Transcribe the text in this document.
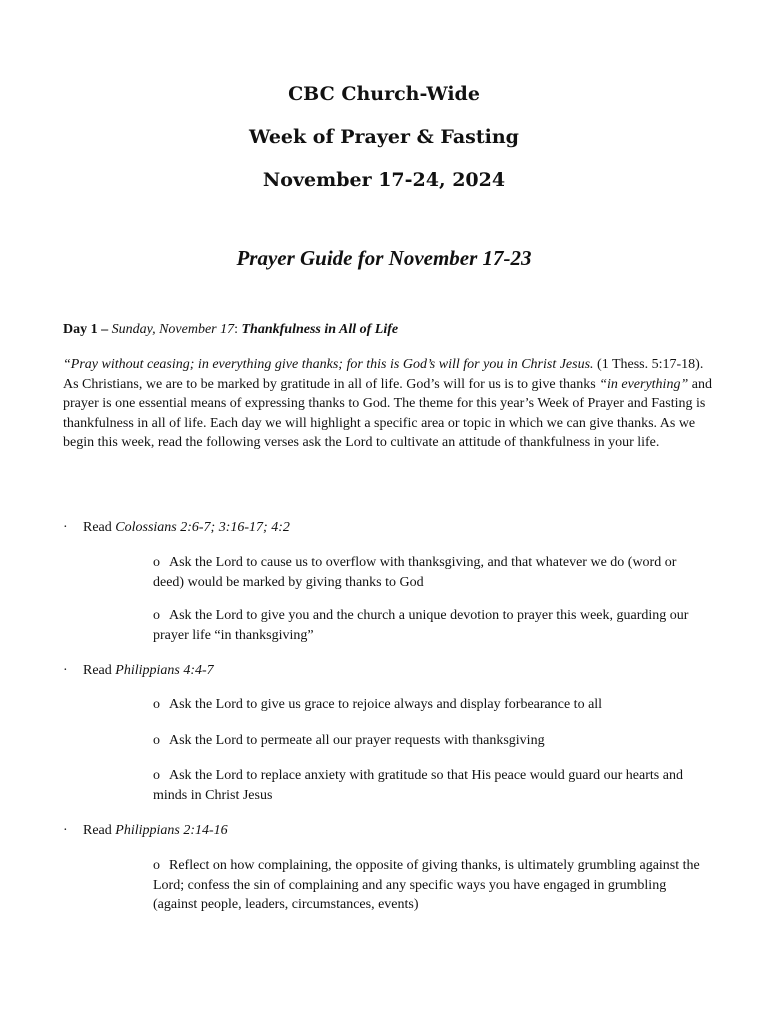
CBC Church-Wide
Week of Prayer & Fasting
November 17-24, 2024
Prayer Guide for November 17-23

Day 1 – Sunday, November 17: Thankfulness in All of Life

“Pray without ceasing; in everything give thanks; for this is God’s will for you in Christ Jesus. (1 Thess. 5:17-18). As Christians, we are to be marked by gratitude in all of life. God’s will for us is to give thanks “in everything” and prayer is one essential means of expressing thanks to God. The theme for this year’s Week of Prayer and Fasting is thankfulness in all of life. Each day we will highlight a specific area or topic in which we can give thanks. As we begin this week, read the following verses ask the Lord to cultivate an attitude of thankfulness in your life.

· Read Colossians 2:6-7; 3:16-17; 4:2

o Ask the Lord to cause us to overflow with thanksgiving, and that whatever we do (word or deed) would be marked by giving thanks to God

o Ask the Lord to give you and the church a unique devotion to prayer this week, guarding our prayer life “in thanksgiving”

· Read Philippians 4:4-7

o Ask the Lord to give us grace to rejoice always and display forbearance to all

o Ask the Lord to permeate all our prayer requests with thanksgiving

o Ask the Lord to replace anxiety with gratitude so that His peace would guard our hearts and minds in Christ Jesus

· Read Philippians 2:14-16

o Reflect on how complaining, the opposite of giving thanks, is ultimately grumbling against the Lord; confess the sin of complaining and any specific ways you have engaged in grumbling (against people, leaders, circumstances, events)
